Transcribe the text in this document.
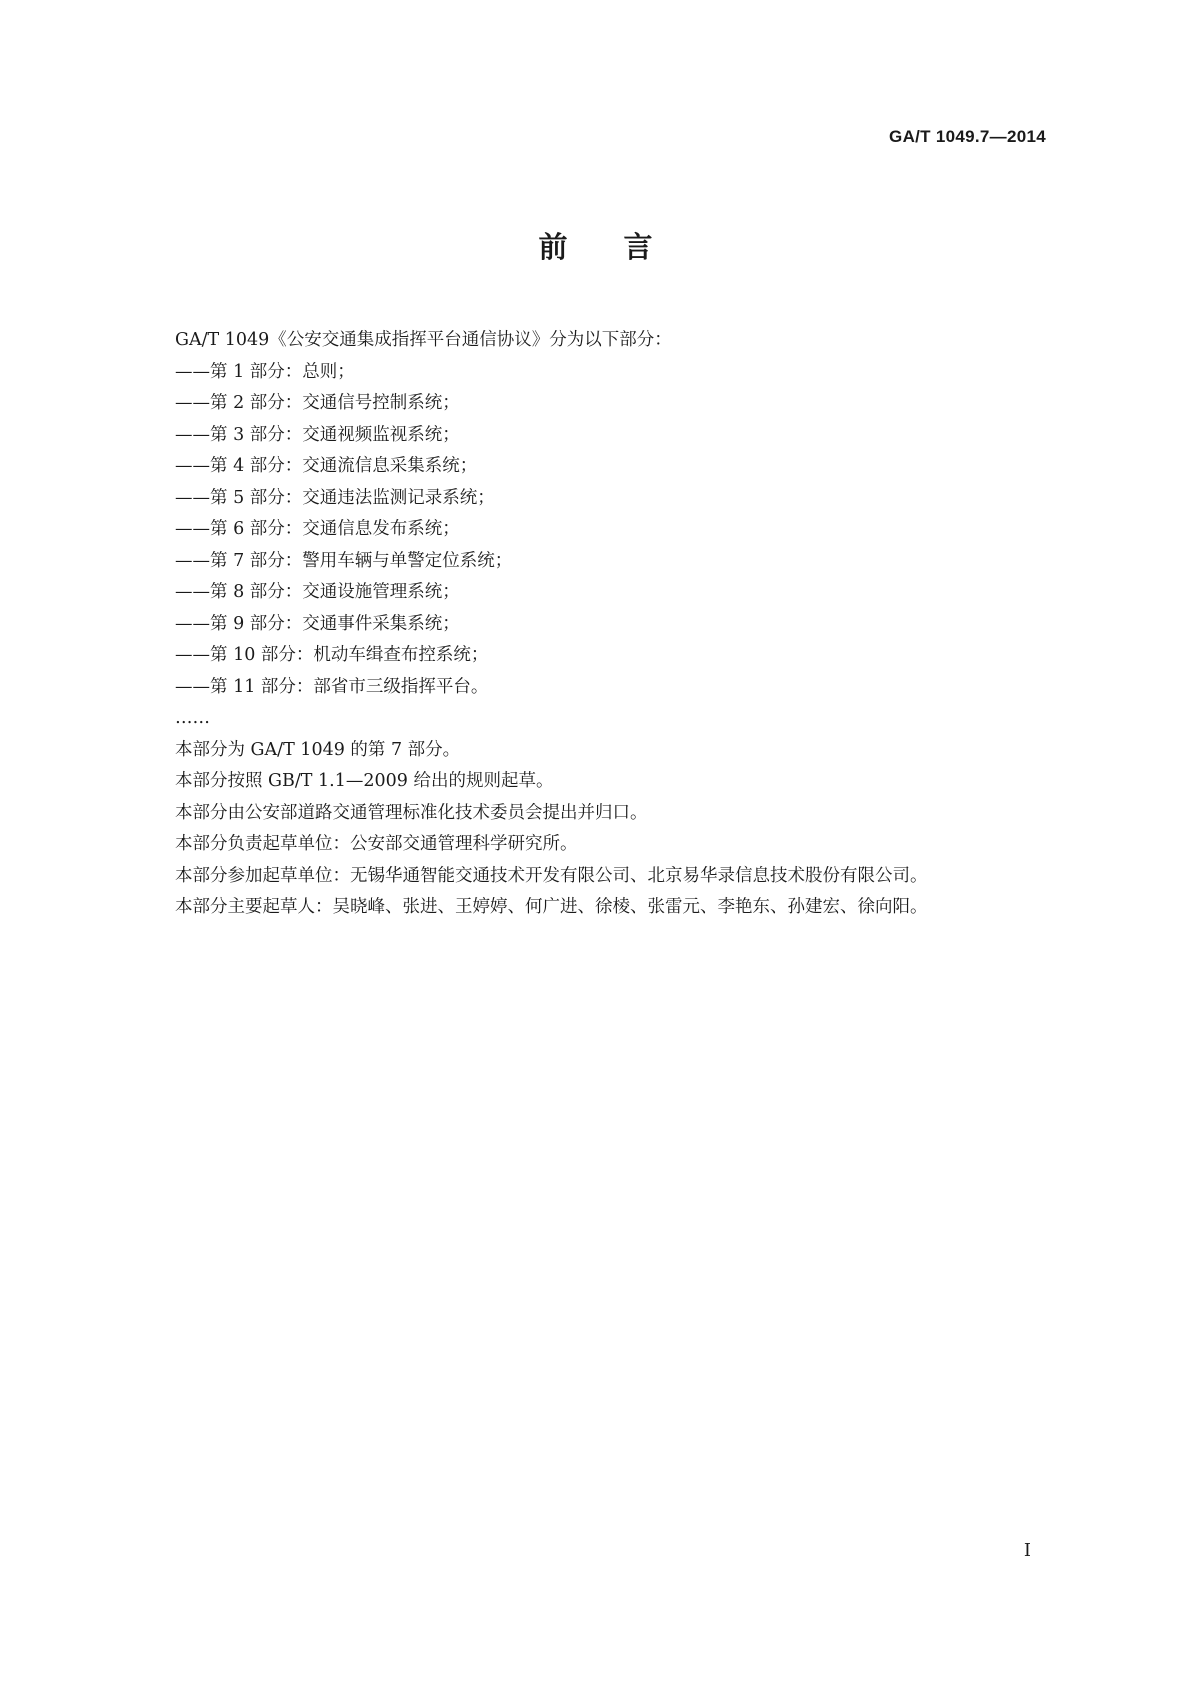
GA/T 1049.7—2014
前 言
GA/T 1049《公安交通集成指挥平台通信协议》分为以下部分：
——第 1 部分：总则；
——第 2 部分：交通信号控制系统；
——第 3 部分：交通视频监视系统；
——第 4 部分：交通流信息采集系统；
——第 5 部分：交通违法监测记录系统；
——第 6 部分：交通信息发布系统；
——第 7 部分：警用车辆与单警定位系统；
——第 8 部分：交通设施管理系统；
——第 9 部分：交通事件采集系统；
——第 10 部分：机动车缉查布控系统；
——第 11 部分：部省市三级指挥平台。
……
本部分为 GA/T 1049 的第 7 部分。
本部分按照 GB/T 1.1—2009 给出的规则起草。
本部分由公安部道路交通管理标准化技术委员会提出并归口。
本部分负责起草单位：公安部交通管理科学研究所。
本部分参加起草单位：无锡华通智能交通技术开发有限公司、北京易华录信息技术股份有限公司。
本部分主要起草人：吴晓峰、张进、王婷婷、何广进、徐棱、张雷元、李艳东、孙建宏、徐向阳。
I
